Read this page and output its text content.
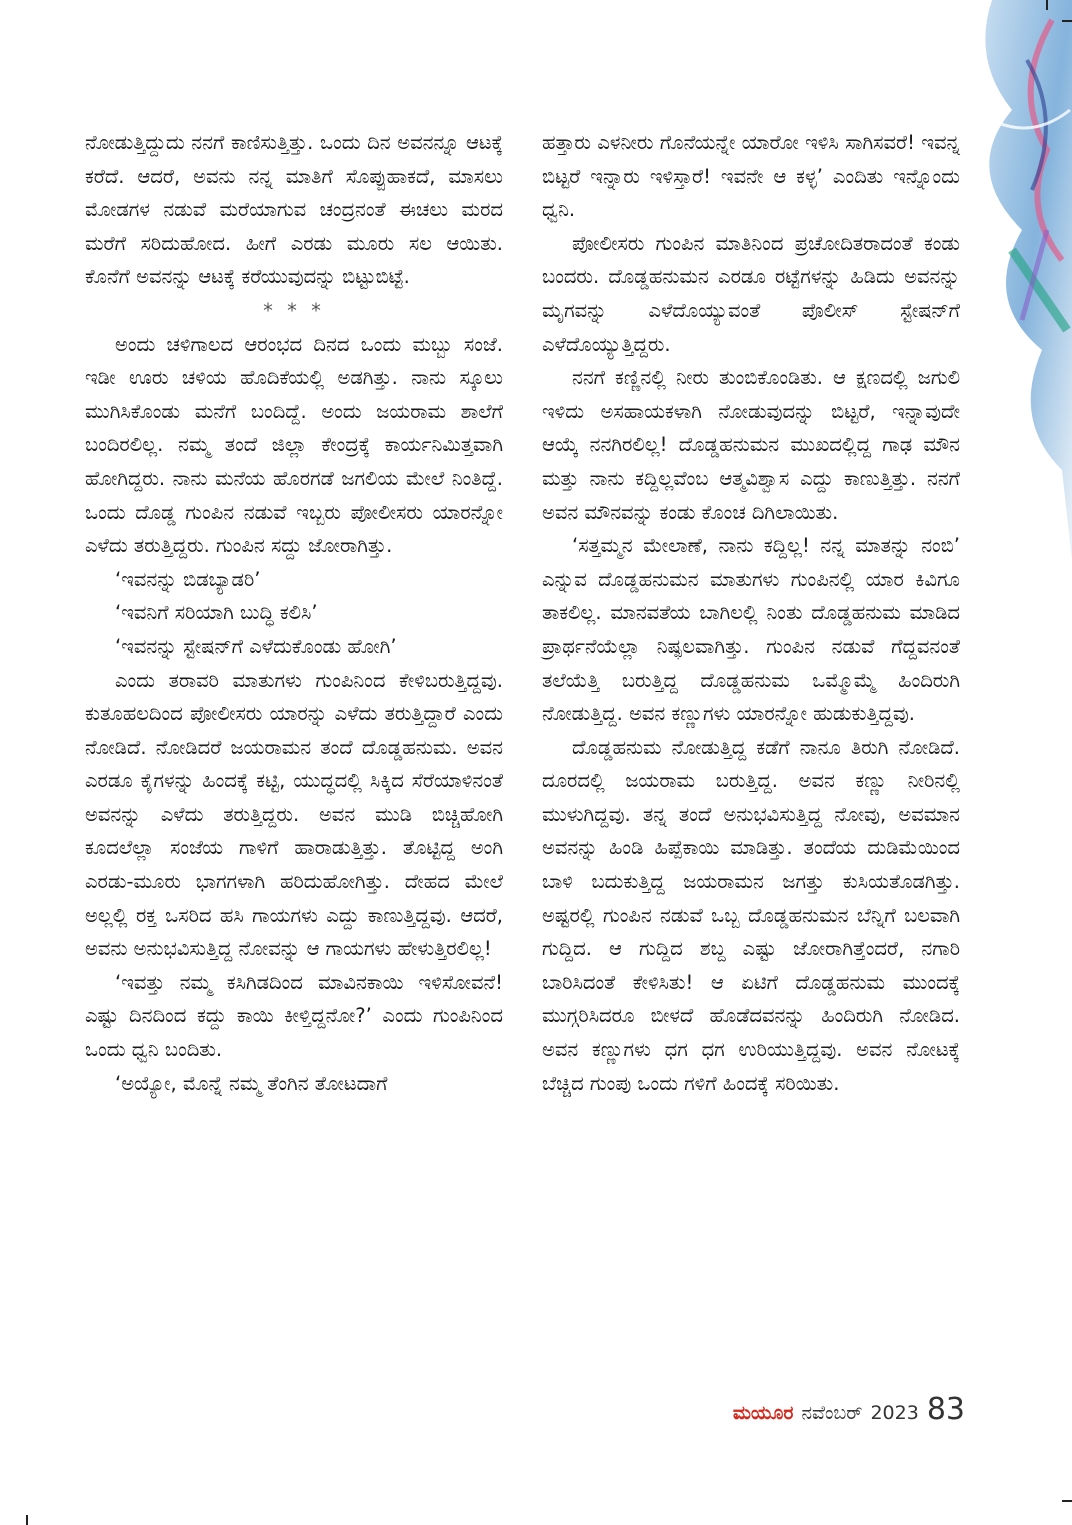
ನೋಡುತ್ತಿದ್ದುದು ನನಗೆ ಕಾಣಿಸುತ್ತಿತ್ತು. ಒಂದು ದಿನ ಅವನನ್ನೂ ಆಟಕ್ಕೆ ಕರೆದೆ. ಆದರೆ, ಅವನು ನನ್ನ ಮಾತಿಗೆ ಸೊಪ್ಪುಹಾಕದೆ, ಮಾಸಲು ಮೋಡಗಳ ನಡುವೆ ಮರೆಯಾಗುವ ಚಂದ್ರನಂತೆ ಈಚಲು ಮರದ ಮರೆಗೆ ಸರಿದುಹೋದ. ಹೀಗೆ ಎರಡು ಮೂರು ಸಲ ಆಯಿತು. ಕೊನೆಗೆ ಅವನನ್ನು ಆಟಕ್ಕೆ ಕರೆಯುವುದನ್ನು ಬಿಟ್ಟುಬಿಟ್ಟೆ.

* * *

ಅಂದು ಚಳಿಗಾಲದ ಆರಂಭದ ದಿನದ ಒಂದು ಮಬ್ಬು ಸಂಜೆ. ಇಡೀ ಊರು ಚಳಿಯ ಹೊದಿಕೆಯಲ್ಲಿ ಅಡಗಿತ್ತು. ನಾನು ಸ್ಕೂಲು ಮುಗಿಸಿಕೊಂಡು ಮನೆಗೆ ಬಂದಿದ್ದೆ. ಅಂದು ಜಯರಾಮ ಶಾಲೆಗೆ ಬಂದಿರಲಿಲ್ಲ. ನಮ್ಮ ತಂದೆ ಜಿಲ್ಲಾ ಕೇಂದ್ರಕ್ಕೆ ಕಾರ್ಯನಿಮಿತ್ತವಾಗಿ ಹೋಗಿದ್ದರು. ನಾನು ಮನೆಯ ಹೊರಗಡೆ ಜಗಲಿಯ ಮೇಲೆ ನಿಂತಿದ್ದೆ. ಒಂದು ದೊಡ್ಡ ಗುಂಪಿನ ನಡುವೆ ಇಬ್ಬರು ಪೋಲೀಸರು ಯಾರನ್ನೋ ಎಳೆದು ತರುತ್ತಿದ್ದರು. ಗುಂಪಿನ ಸದ್ದು ಜೋರಾಗಿತ್ತು.

‘ಇವನನ್ನು ಬಿಡಬ್ಯಾಡರಿ’

‘ಇವನಿಗೆ ಸರಿಯಾಗಿ ಬುದ್ಧಿ ಕಲಿಸಿ’

‘ಇವನನ್ನು ಸ್ಟೇಷನ್‌ಗೆ ಎಳೆದುಕೊಂಡು ಹೋಗಿ’

ಎಂದು ತರಾವರಿ ಮಾತುಗಳು ಗುಂಪಿನಿಂದ ಕೇಳಿಬರುತ್ತಿದ್ದವು. ಕುತೂಹಲದಿಂದ ಪೋಲೀಸರು ಯಾರನ್ನು ಎಳೆದು ತರುತ್ತಿದ್ದಾರೆ ಎಂದು ನೋಡಿದೆ. ನೋಡಿದರೆ ಜಯರಾಮನ ತಂದೆ ದೊಡ್ಡಹನುಮ. ಅವನ ಎರಡೂ ಕೈಗಳನ್ನು ಹಿಂದಕ್ಕೆ ಕಟ್ಟಿ, ಯುದ್ಧದಲ್ಲಿ ಸಿಕ್ಕಿದ ಸೆರೆಯಾಳಿನಂತೆ ಅವನನ್ನು ಎಳೆದು ತರುತ್ತಿದ್ದರು. ಅವನ ಮುಡಿ ಬಿಚ್ಚಿಹೋಗಿ ಕೂದಲೆಲ್ಲಾ ಸಂಜೆಯ ಗಾಳಿಗೆ ಹಾರಾಡುತ್ತಿತ್ತು. ತೊಟ್ಟಿದ್ದ ಅಂಗಿ ಎರಡು-ಮೂರು ಭಾಗಗಳಾಗಿ ಹರಿದುಹೋಗಿತ್ತು. ದೇಹದ ಮೇಲೆ ಅಲ್ಲಲ್ಲಿ ರಕ್ತ ಒಸರಿದ ಹಸಿ ಗಾಯಗಳು ಎದ್ದು ಕಾಣುತ್ತಿದ್ದವು. ಆದರೆ, ಅವನು ಅನುಭವಿಸುತ್ತಿದ್ದ ನೋವನ್ನು ಆ ಗಾಯಗಳು ಹೇಳುತ್ತಿರಲಿಲ್ಲ!

‘ಇವತ್ತು ನಮ್ಮ ಕಸಿಗಿಡದಿಂದ ಮಾವಿನಕಾಯಿ ಇಳಿಸೋವನೆ! ಎಷ್ಟು ದಿನದಿಂದ ಕದ್ದು ಕಾಯಿ ಕೀಳ್ತಿದ್ದನೋ?’ ಎಂದು ಗುಂಪಿನಿಂದ ಒಂದು ಧ್ವನಿ ಬಂದಿತು.

‘ಅಯ್ಯೋ, ಮೊನ್ನೆ ನಮ್ಮ ತೆಂಗಿನ ತೋಟದಾಗೆ

ಹತ್ತಾರು ಎಳನೀರು ಗೊನೆಯನ್ನೇ ಯಾರೋ ಇಳಿಸಿ ಸಾಗಿಸವರೆ! ಇವನ್ನ ಬಿಟ್ಟರೆ ಇನ್ನಾರು ಇಳಿಸ್ತಾರೆ! ಇವನೇ ಆ ಕಳ್ಳ’ ಎಂದಿತು ಇನ್ನೊಂದು ಧ್ವನಿ.

ಪೋಲೀಸರು ಗುಂಪಿನ ಮಾತಿನಿಂದ ಪ್ರಚೋದಿತರಾದಂತೆ ಕಂಡು ಬಂದರು. ದೊಡ್ಡಹನುಮನ ಎರಡೂ ರಟ್ಟೆಗಳನ್ನು ಹಿಡಿದು ಅವನನ್ನು ಮೃಗವನ್ನು ಎಳೆದೊಯ್ಯುವಂತೆ ಪೊಲೀಸ್ ಸ್ಟೇಷನ್‌ಗೆ ಎಳೆದೊಯ್ಯುತ್ತಿದ್ದರು.

ನನಗೆ ಕಣ್ಣಿನಲ್ಲಿ ನೀರು ತುಂಬಿಕೊಂಡಿತು. ಆ ಕ್ಷಣದಲ್ಲಿ ಜಗುಲಿ ಇಳಿದು ಅಸಹಾಯಕಳಾಗಿ ನೋಡುವುದನ್ನು ಬಿಟ್ಟರೆ, ಇನ್ನಾವುದೇ ಆಯ್ಕೆ ನನಗಿರಲಿಲ್ಲ! ದೊಡ್ಡಹನುಮನ ಮುಖದಲ್ಲಿದ್ದ ಗಾಢ ಮೌನ ಮತ್ತು ನಾನು ಕದ್ದಿಲ್ಲವೆಂಬ ಆತ್ಮವಿಶ್ವಾಸ ಎದ್ದು ಕಾಣುತ್ತಿತ್ತು. ನನಗೆ ಅವನ ಮೌನವನ್ನು ಕಂಡು ಕೊಂಚ ದಿಗಿಲಾಯಿತು.

‘ಸತ್ತಮ್ಮನ ಮೇಲಾಣೆ, ನಾನು ಕದ್ದಿಲ್ಲ! ನನ್ನ ಮಾತನ್ನು ನಂಬಿ’ ಎನ್ನುವ ದೊಡ್ಡಹನುಮನ ಮಾತುಗಳು ಗುಂಪಿನಲ್ಲಿ ಯಾರ ಕಿವಿಗೂ ತಾಕಲಿಲ್ಲ. ಮಾನವತೆಯ ಬಾಗಿಲಲ್ಲಿ ನಿಂತು ದೊಡ್ಡಹನುಮ ಮಾಡಿದ ಪ್ರಾರ್ಥನೆಯೆಲ್ಲಾ ನಿಷ್ಫಲವಾಗಿತ್ತು. ಗುಂಪಿನ ನಡುವೆ ಗೆದ್ದವನಂತೆ ತಲೆಯೆತ್ತಿ ಬರುತ್ತಿದ್ದ ದೊಡ್ಡಹನುಮ ಒಮ್ಮೊಮ್ಮೆ ಹಿಂದಿರುಗಿ ನೋಡುತ್ತಿದ್ದ. ಅವನ ಕಣ್ಣುಗಳು ಯಾರನ್ನೋ ಹುಡುಕುತ್ತಿದ್ದವು.

ದೊಡ್ಡಹನುಮ ನೋಡುತ್ತಿದ್ದ ಕಡೆಗೆ ನಾನೂ ತಿರುಗಿ ನೋಡಿದೆ. ದೂರದಲ್ಲಿ ಜಯರಾಮ ಬರುತ್ತಿದ್ದ. ಅವನ ಕಣ್ಣು ನೀರಿನಲ್ಲಿ ಮುಳುಗಿದ್ದವು. ತನ್ನ ತಂದೆ ಅನುಭವಿಸುತ್ತಿದ್ದ ನೋವು, ಅವಮಾನ ಅವನನ್ನು ಹಿಂಡಿ ಹಿಪ್ಪೆಕಾಯಿ ಮಾಡಿತ್ತು. ತಂದೆಯ ದುಡಿಮೆಯಿಂದ ಬಾಳಿ ಬದುಕುತ್ತಿದ್ದ ಜಯರಾಮನ ಜಗತ್ತು ಕುಸಿಯತೊಡಗಿತ್ತು. ಅಷ್ಟರಲ್ಲಿ ಗುಂಪಿನ ನಡುವೆ ಒಬ್ಬ ದೊಡ್ಡಹನುಮನ ಬೆನ್ನಿಗೆ ಬಲವಾಗಿ ಗುದ್ದಿದ. ಆ ಗುದ್ದಿದ ಶಬ್ದ ಎಷ್ಟು ಜೋರಾಗಿತ್ತೆಂದರೆ, ನಗಾರಿ ಬಾರಿಸಿದಂತೆ ಕೇಳಿಸಿತು! ಆ ಏಟಿಗೆ ದೊಡ್ಡಹನುಮ ಮುಂದಕ್ಕೆ ಮುಗ್ಗರಿಸಿದರೂ ಬೀಳದೆ ಹೊಡೆದವನನ್ನು ಹಿಂದಿರುಗಿ ನೋಡಿದ. ಅವನ ಕಣ್ಣುಗಳು ಧಗ ಧಗ ಉರಿಯುತ್ತಿದ್ದವು. ಅವನ ನೋಟಕ್ಕೆ ಬೆಚ್ಚಿದ ಗುಂಪು ಒಂದು ಗಳಿಗೆ ಹಿಂದಕ್ಕೆ ಸರಿಯಿತು.

ಮಯೂರ ನವೆಂಬರ್ 2023 83
